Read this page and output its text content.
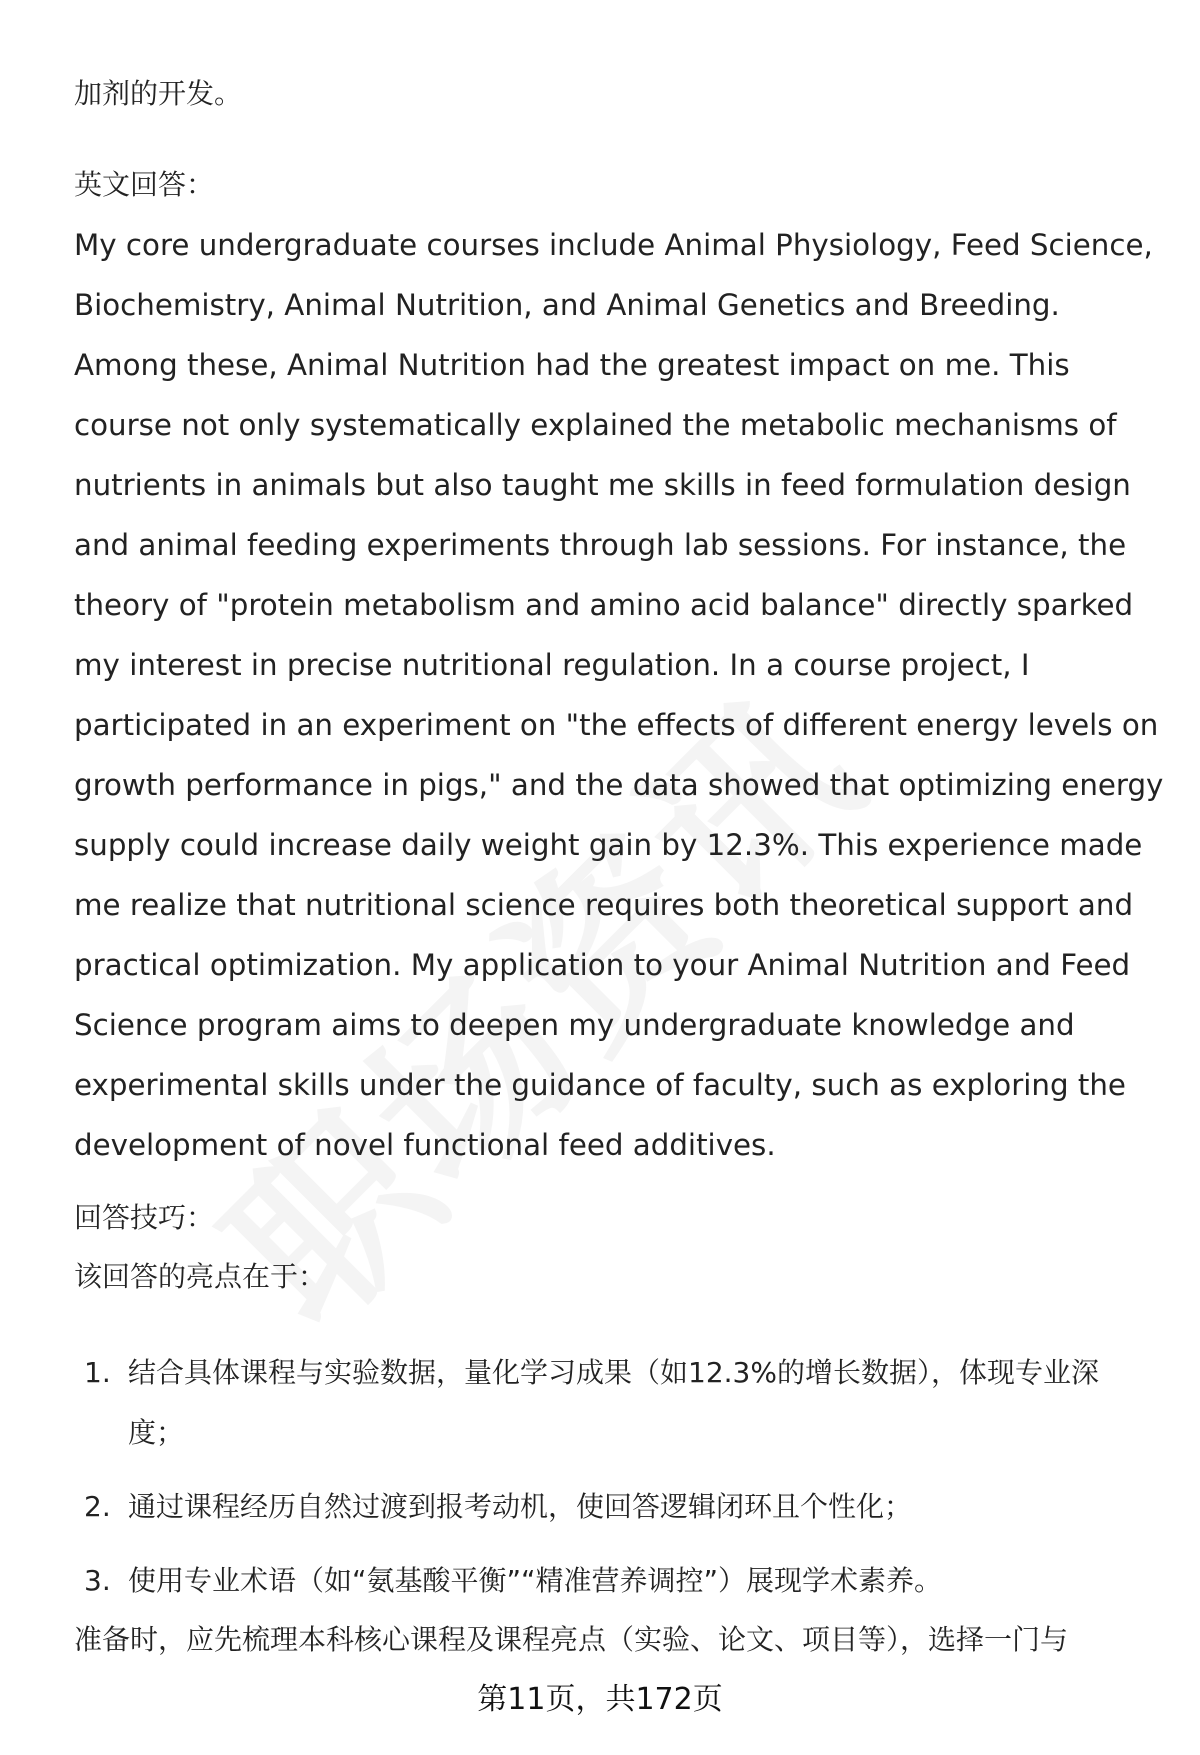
加剂的开发。

英文回答：

My core undergraduate courses include Animal Physiology, Feed Science, Biochemistry, Animal Nutrition, and Animal Genetics and Breeding. Among these, Animal Nutrition had the greatest impact on me. This course not only systematically explained the metabolic mechanisms of nutrients in animals but also taught me skills in feed formulation design and animal feeding experiments through lab sessions. For instance, the theory of "protein metabolism and amino acid balance" directly sparked my interest in precise nutritional regulation. In a course project, I participated in an experiment on "the effects of different energy levels on growth performance in pigs," and the data showed that optimizing energy supply could increase daily weight gain by 12.3%. This experience made me realize that nutritional science requires both theoretical support and practical optimization. My application to your Animal Nutrition and Feed Science program aims to deepen my undergraduate knowledge and experimental skills under the guidance of faculty, such as exploring the development of novel functional feed additives.

回答技巧：

该回答的亮点在于：

1. 结合具体课程与实验数据，量化学习成果（如12.3%的增长数据），体现专业深度；
2. 通过课程经历自然过渡到报考动机，使回答逻辑闭环且个性化；
3. 使用专业术语（如“氨基酸平衡”“精准营养调控”）展现学术素养。

准备时，应先梳理本科核心课程及课程亮点（实验、论文、项目等），选择一门与

第11页，共172页
